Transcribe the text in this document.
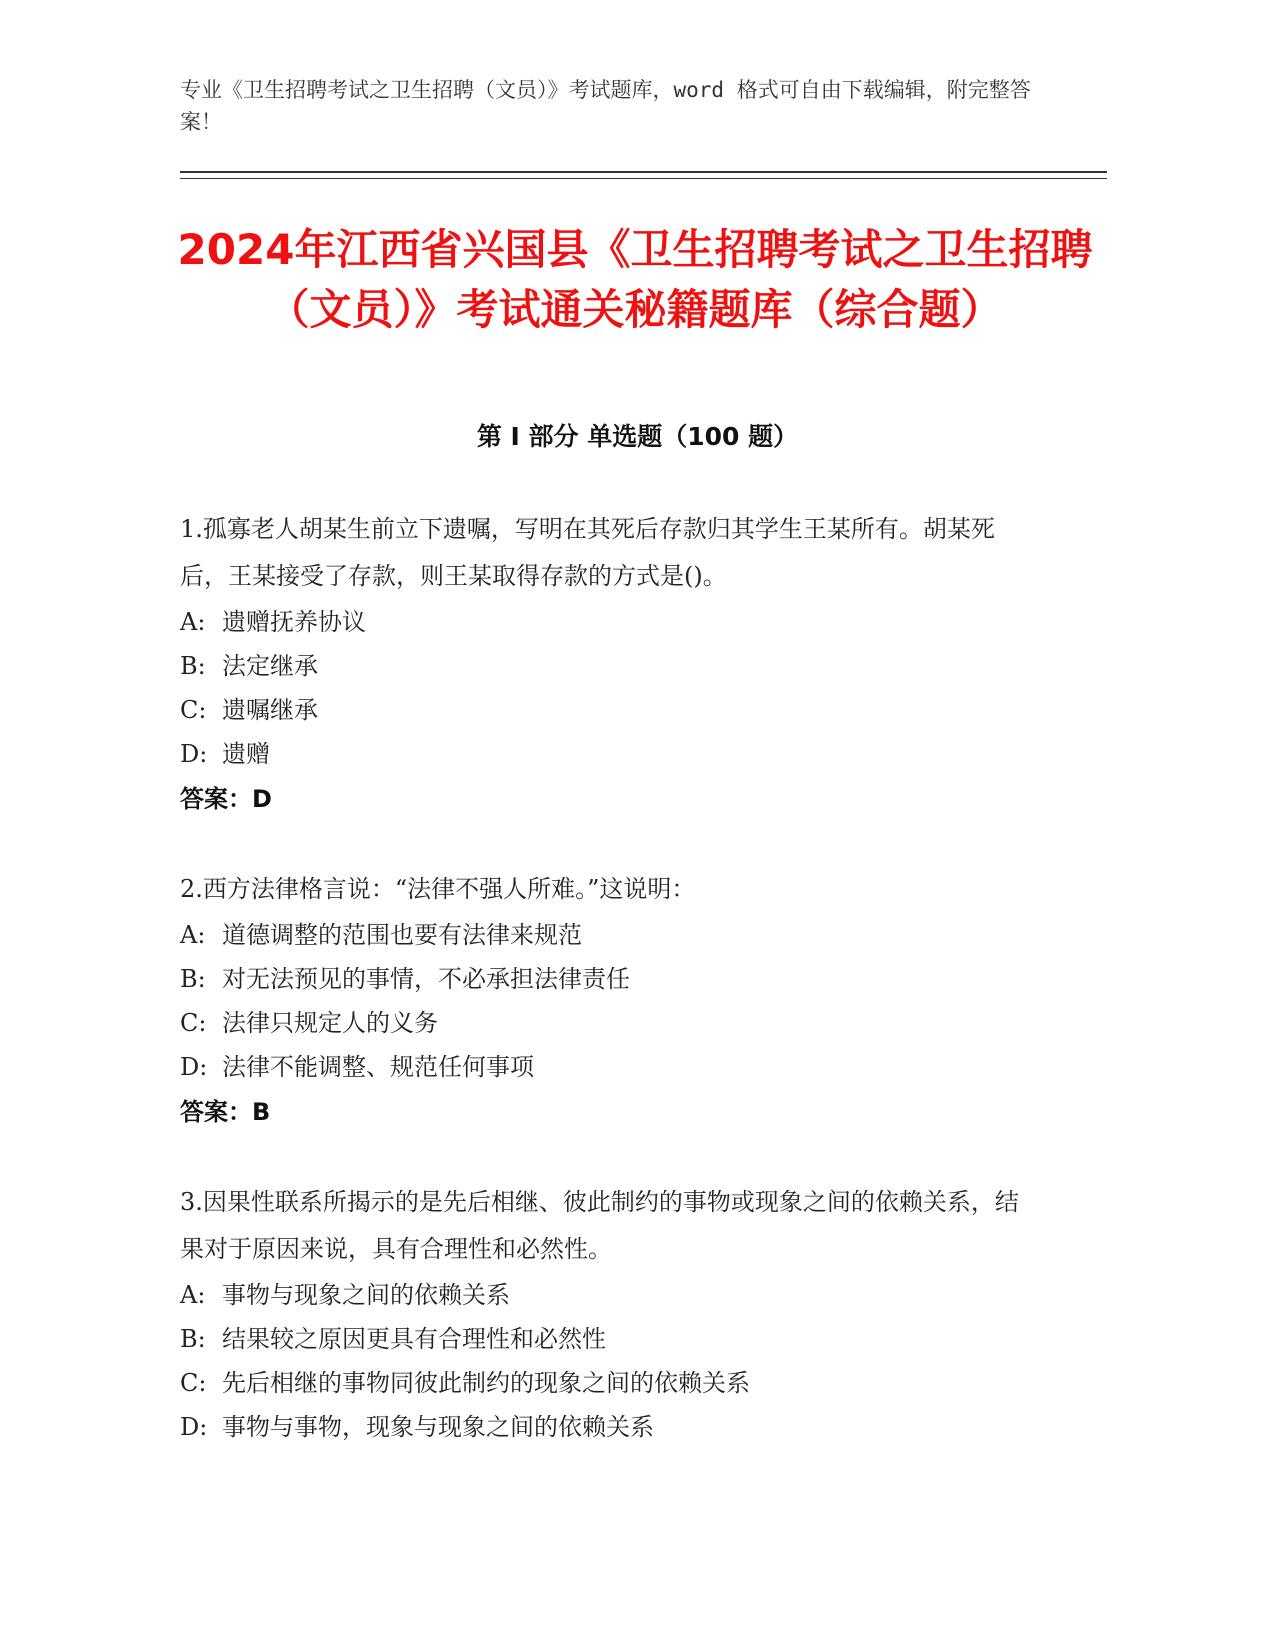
专业《卫生招聘考试之卫生招聘（文员）》考试题库，word 格式可自由下载编辑，附完整答案！
2024年江西省兴国县《卫生招聘考试之卫生招聘（文员）》考试通关秘籍题库（综合题）
第 I 部分 单选题（100 题）

1.孤寡老人胡某生前立下遗嘱，写明在其死后存款归其学生王某所有。胡某死后，王某接受了存款，则王某取得存款的方式是()。

A: 遗赠抚养协议

B: 法定继承

C: 遗嘱继承

D: 遗赠

答案：D

2.西方法律格言说：“法律不强人所难。”这说明：

A: 道德调整的范围也要有法律来规范

B: 对无法预见的事情，不必承担法律责任

C: 法律只规定人的义务

D: 法律不能调整、规范任何事项

答案：B

3.因果性联系所揭示的是先后相继、彼此制约的事物或现象之间的依赖关系，结果对于原因来说，具有合理性和必然性。

A: 事物与现象之间的依赖关系

B: 结果较之原因更具有合理性和必然性

C: 先后相继的事物同彼此制约的现象之间的依赖关系

D: 事物与事物，现象与现象之间的依赖关系
